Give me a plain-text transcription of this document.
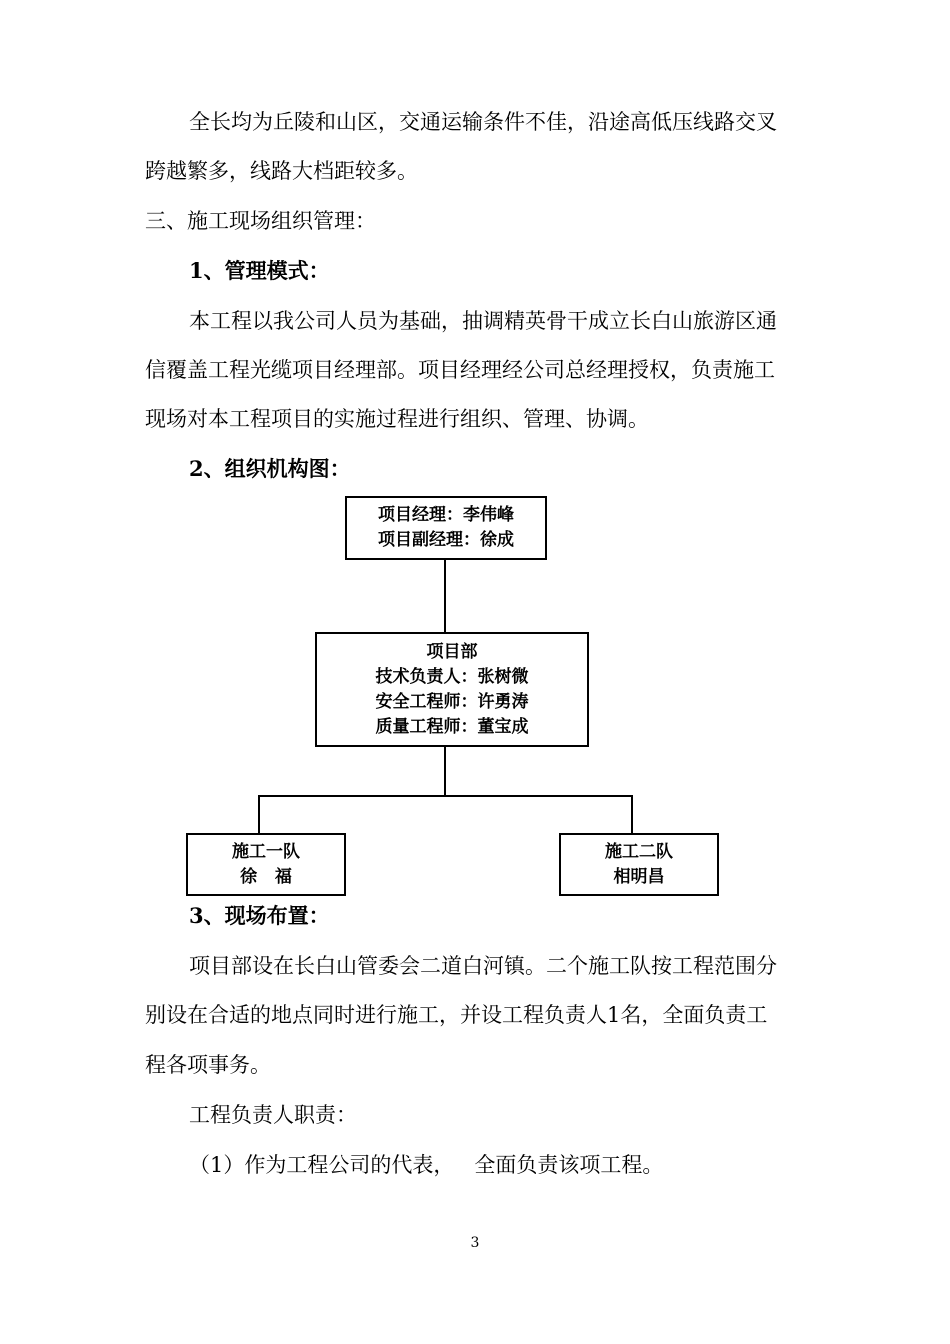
全长均为丘陵和山区，交通运输条件不佳，沿途高低压线路交叉
跨越繁多，线路大档距较多。
三、施工现场组织管理：
1、管理模式：
本工程以我公司人员为基础，抽调精英骨干成立长白山旅游区通
信覆盖工程光缆项目经理部。项目经理经公司总经理授权，负责施工
现场对本工程项目的实施过程进行组织、管理、协调。
2、组织机构图：
项目经理：李伟峰
项目副经理：徐成
项目部
技术负责人：张树微
安全工程师：许勇涛
质量工程师：董宝成
施工一队
徐   福
施工二队
相明昌
3、现场布置：
项目部设在长白山管委会二道白河镇。二个施工队按工程范围分
别设在合适的地点同时进行施工，并设工程负责人1名，全面负责工
程各项事务。
工程负责人职责：
（1）作为工程公司的代表，   全面负责该项工程。
3
